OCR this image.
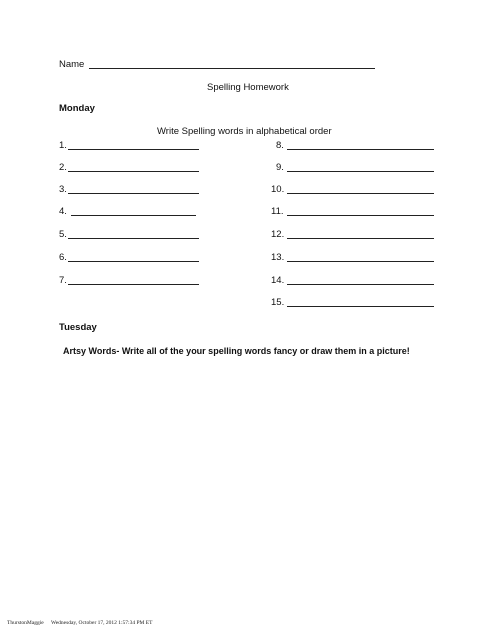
Name
Spelling Homework
Monday
Write Spelling words in alphabetical order
1.
2.
3.
4.
5.
6.
7.
8.
9.
10.
11.
12.
13.
14.
15.
Tuesday
Artsy Words- Write all of the your spelling words fancy or draw them in a picture!
ThurstonMaggie Wednesday, October 17, 2012 1:57:34 PM ET
